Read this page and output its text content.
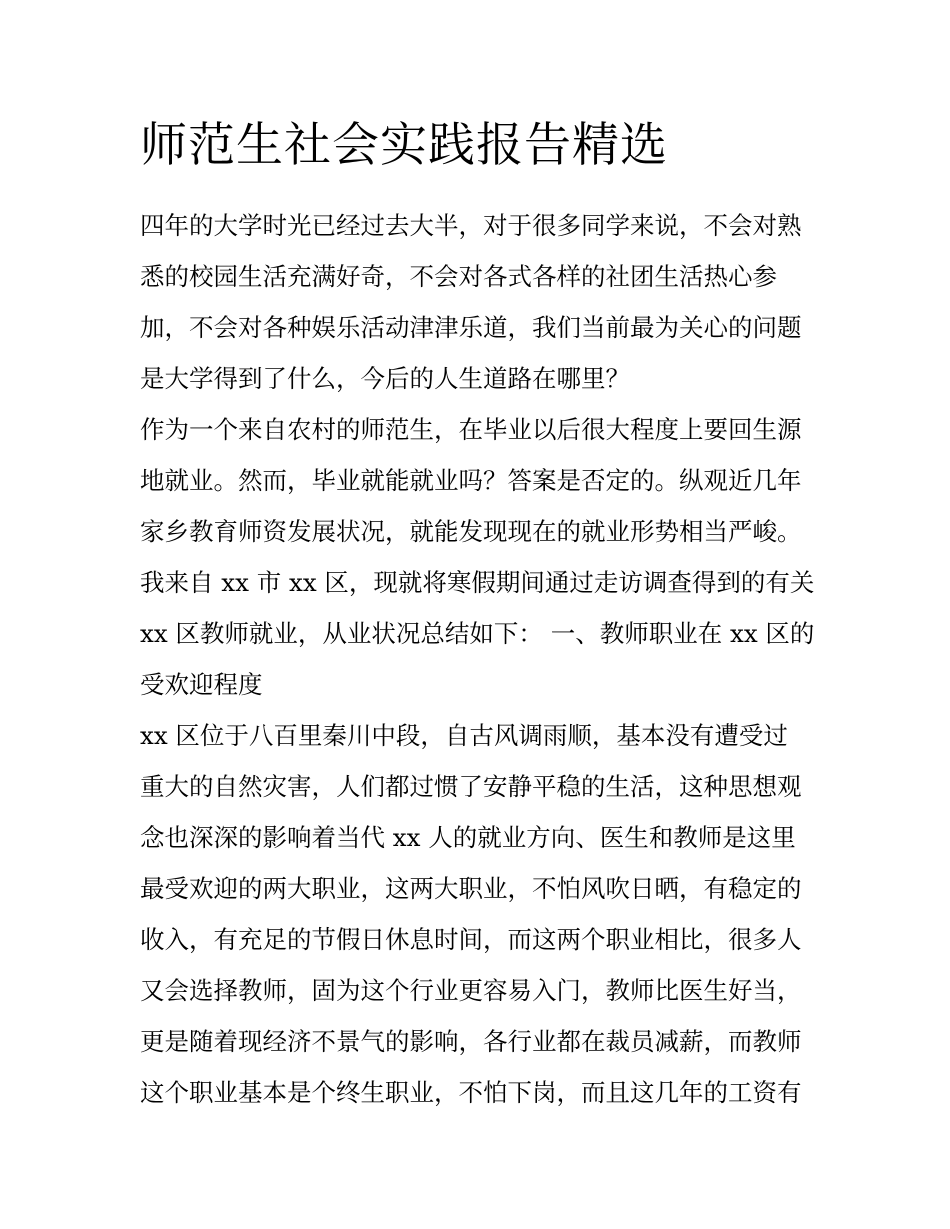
师范生社会实践报告精选
四年的大学时光已经过去大半，对于很多同学来说，不会对熟
悉的校园生活充满好奇，不会对各式各样的社团生活热心参
加，不会对各种娱乐活动津津乐道，我们当前最为关心的问题
是大学得到了什么，今后的人生道路在哪里？
作为一个来自农村的师范生，在毕业以后很大程度上要回生源
地就业。然而，毕业就能就业吗？答案是否定的。纵观近几年
家乡教育师资发展状况，就能发现现在的就业形势相当严峻。
我来自 xx 市 xx 区，现就将寒假期间通过走访调查得到的有关
xx 区教师就业，从业状况总结如下： 一、教师职业在 xx 区的
受欢迎程度
xx 区位于八百里秦川中段，自古风调雨顺，基本没有遭受过
重大的自然灾害，人们都过惯了安静平稳的生活，这种思想观
念也深深的影响着当代 xx 人的就业方向、医生和教师是这里
最受欢迎的两大职业，这两大职业，不怕风吹日晒，有稳定的
收入，有充足的节假日休息时间，而这两个职业相比，很多人
又会选择教师，固为这个行业更容易入门，教师比医生好当，
更是随着现经济不景气的影响，各行业都在裁员减薪，而教师
这个职业基本是个终生职业，不怕下岗，而且这几年的工资有
